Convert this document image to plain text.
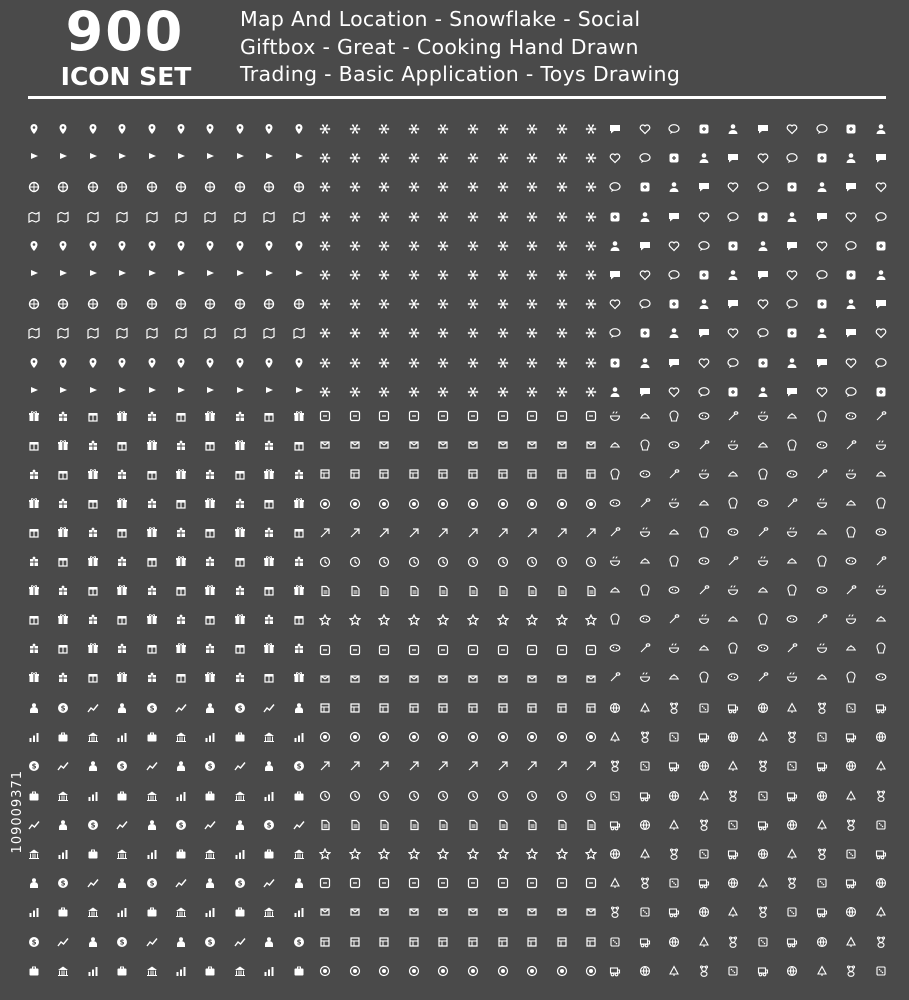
900
ICON SET
Map And Location - Snowflake - Social
Giftbox - Great - Cooking Hand Drawn
Trading - Basic Application - Toys Drawing
$	$	$
$	$	$	$
$	$	$
$	$	$
$	$	$	$
109009371
